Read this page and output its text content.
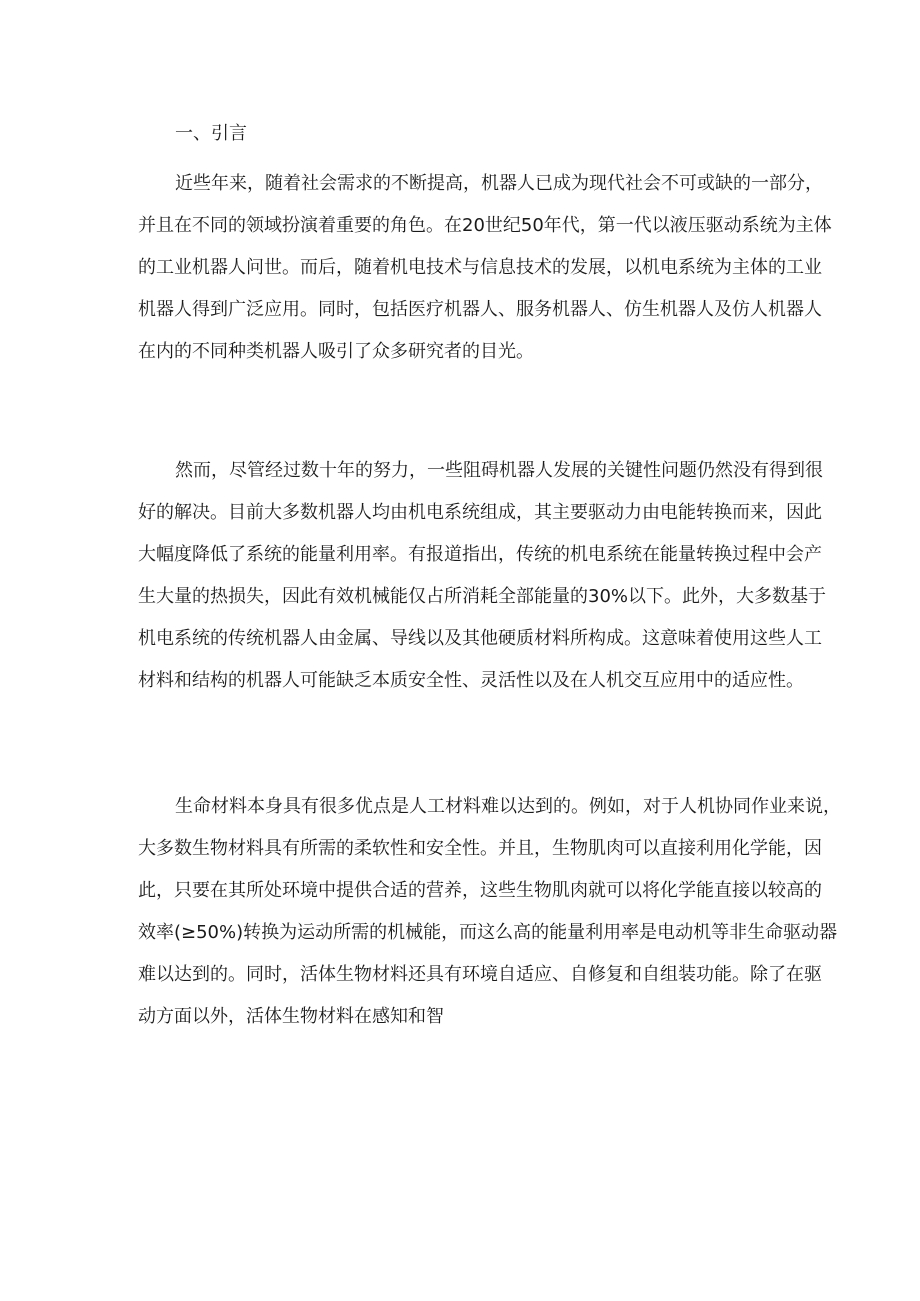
一、引言
近些年来，随着社会需求的不断提高，机器人已成为现代社会不可或缺的一部分，
并且在不同的领域扮演着重要的角色。在20世纪50年代，第一代以液压驱动系统为主体
的工业机器人问世。而后，随着机电技术与信息技术的发展，以机电系统为主体的工业
机器人得到广泛应用。同时，包括医疗机器人、服务机器人、仿生机器人及仿人机器人
在内的不同种类机器人吸引了众多研究者的目光。
然而，尽管经过数十年的努力，一些阻碍机器人发展的关键性问题仍然没有得到很
好的解决。目前大多数机器人均由机电系统组成，其主要驱动力由电能转换而来，因此
大幅度降低了系统的能量利用率。有报道指出，传统的机电系统在能量转换过程中会产
生大量的热损失，因此有效机械能仅占所消耗全部能量的30%以下。此外，大多数基于
机电系统的传统机器人由金属、导线以及其他硬质材料所构成。这意味着使用这些人工
材料和结构的机器人可能缺乏本质安全性、灵活性以及在人机交互应用中的适应性。
生命材料本身具有很多优点是人工材料难以达到的。例如，对于人机协同作业来说，
大多数生物材料具有所需的柔软性和安全性。并且，生物肌肉可以直接利用化学能，因
此，只要在其所处环境中提供合适的营养，这些生物肌肉就可以将化学能直接以较高的
效率(≥50%)转换为运动所需的机械能，而这么高的能量利用率是电动机等非生命驱动器
难以达到的。同时，活体生物材料还具有环境自适应、自修复和自组装功能。除了在驱
动方面以外，活体生物材料在感知和智
